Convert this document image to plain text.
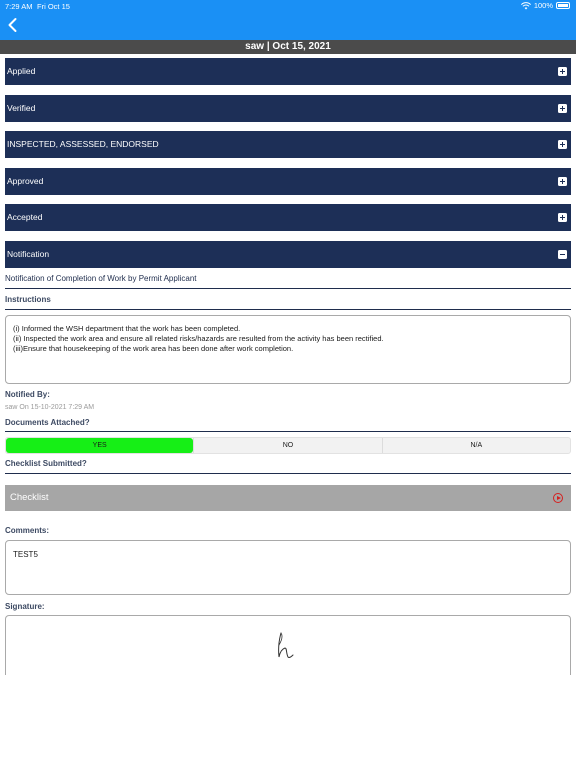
7:29 AM Fri Oct 15	100%
saw | Oct 15, 2021
Applied
Verified
INSPECTED, ASSESSED, ENDORSED
Approved
Accepted
Notification
Notification of Completion of Work by Permit Applicant
Instructions
(i) Informed the WSH department that the work has been completed.
(ii) Inspected the work area and ensure all related risks/hazards are resulted from the activity has been rectified.
(iii)Ensure that housekeeping of the work area has been done after work completion.
Notified By:
saw On 15-10-2021 7:29 AM
Documents Attached?
YES	NO	N/A
Checklist Submitted?
Checklist
Comments:
TEST5
Signature:
